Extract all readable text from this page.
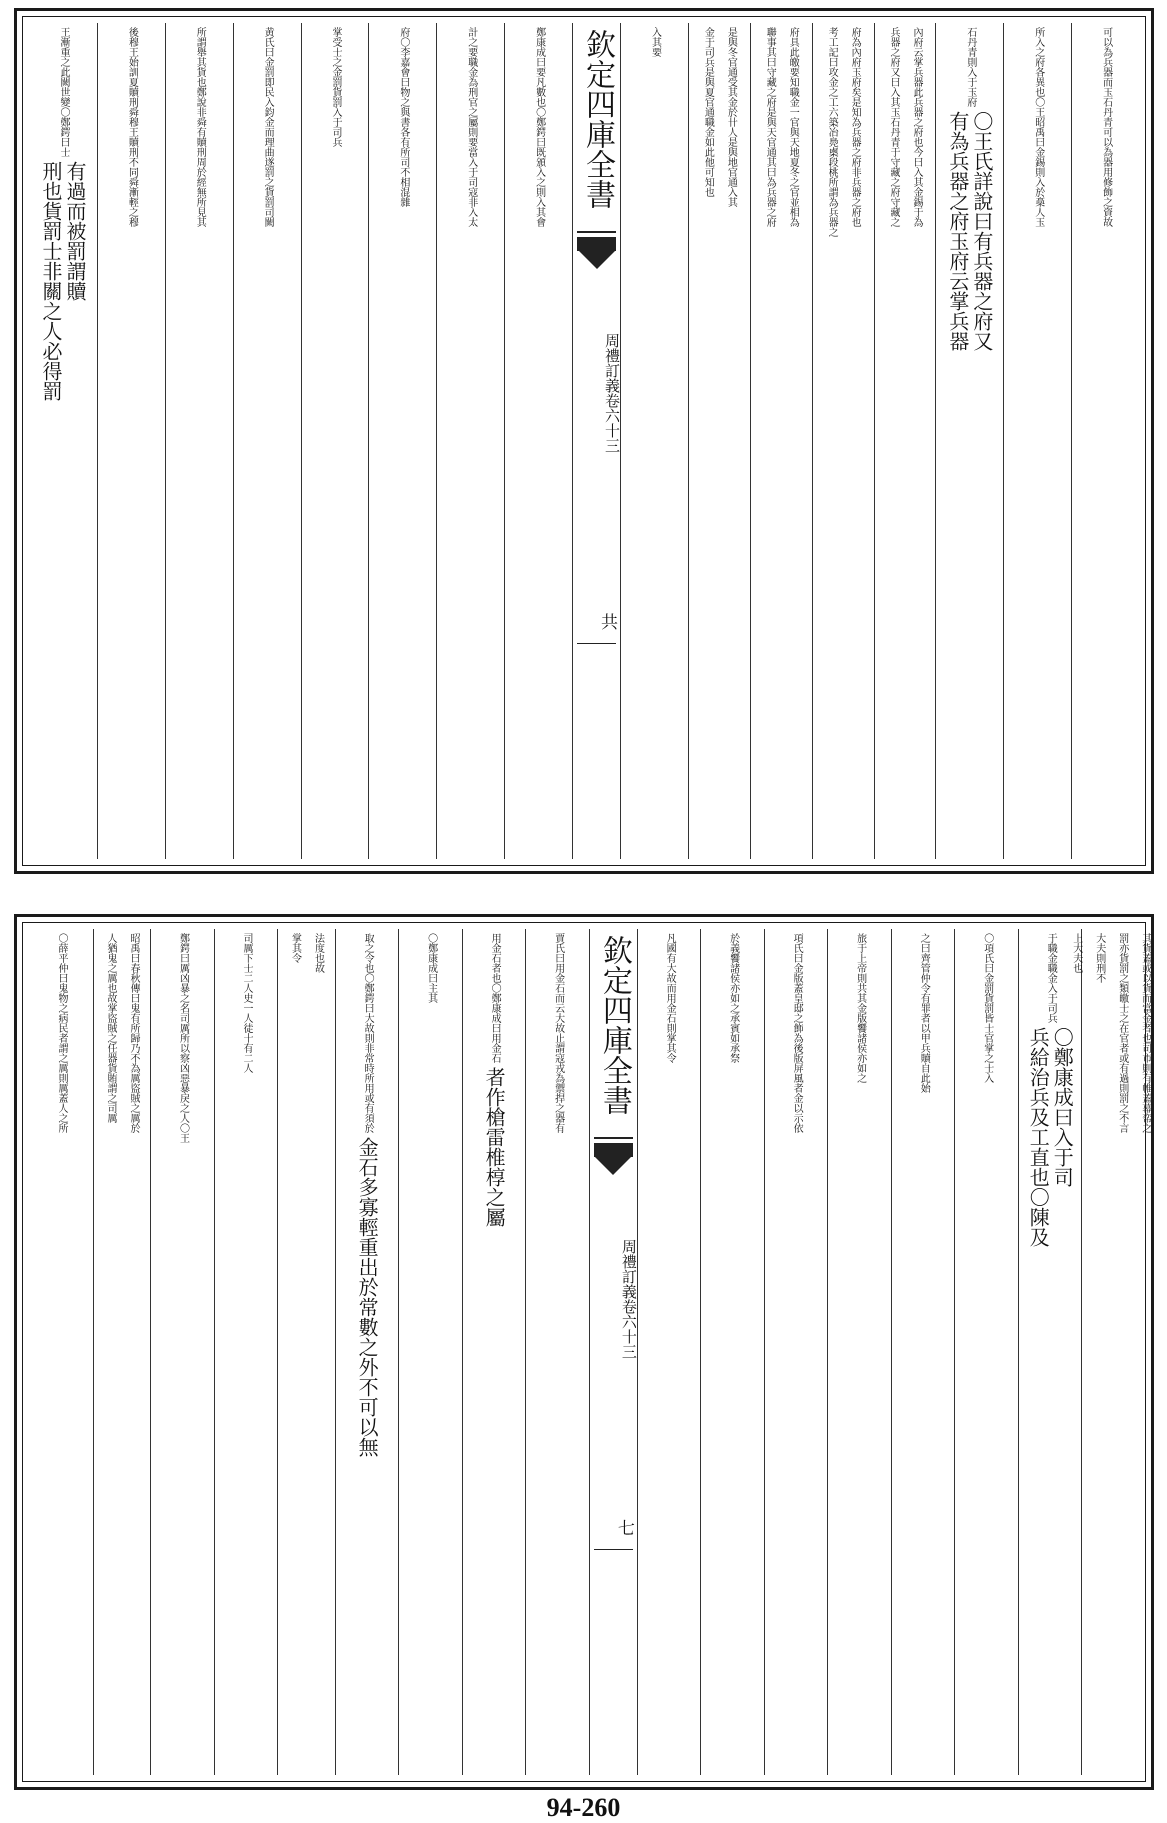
可以為兵器而玉石丹青可以為器用修飾之資故
所入之府各異也〇王昭禹曰金錫則入於槀人玉
石丹青則入于玉府
有為兵器之府玉府云掌兵器 〇王氏詳說曰有兵器之府又
內府云掌兵器此兵器之府也今曰入其金錫于為
兵器之府又曰入其玉石丹青于守藏之府守藏之
府為內府玉府矣是知為兵器之府非兵器之府也
考工記曰攻金之工六築冶鳧㮚段桃所謂為兵器之
府具此皦要知職金一官與天地夏冬之官並相為
聯事其曰守藏之府是與天官通其曰為兵器之府
是與冬官通受其金於卄人是與地官通入其
金于司兵是與夏官通職金如此他可知也
入其要
欽定四庫全書
周禮訂義
卷六十三
共
鄭康成曰要凡數也〇鄭鍔曰既頒入之則入其會
計之要職金為刑官之屬則要當入于司寇非入太
府〇李嘉會曰物之與書各有所司不相混雜
掌受士之金罰貨罰入于司兵
黄氏曰金罰即民入鈞金而理曲遂罰之貨罰司闕
所謂舉其貨也鄭說非舜有贖刑周於經無所見其
後穆王始訓夏贖刑舜穆王贖刑不同舜漸輕之穆
王漸重之此闕世變〇鄭鍔曰士
刑也貨罰士非關之人必得罰 有過而被罰謂贖
其貨蓋或以貨而當金者也司市則有帷蓋幕帟之
罰亦貨罰之類皦士之在官者或有過則罰之不言
大夫則刑不
上大夫也
于職金職金入于司兵
兵給治兵及工直也〇陳及 〇鄭康成曰入于司
〇項氏曰金罰貨罰皆士官掌之士入
之曰齊管仲令有罪者以甲兵贖自此始
旅于上帝則共其金版饗諸侯亦如之
項氏曰金版蓋皇邸之飾為後版屏風者金以示依
於義饗諸侯亦如之承賓如承祭
凡國有大故而用金石則掌其令
欽定四庫全書
周禮訂義
卷六十三
七
賈氏曰用金石而云大故止謂寇戎為禦捍之器有
用金石者也〇鄭康成曰用金石
者作槍雷椎椁之屬
〇鄭康成曰主其
取之令也〇鄭鍔曰大故則非常時所用或有須於
金石多寡輕重出於常數之外不可以無
法度也故
掌其令
司厲下士二人史一人徒十有二人
鄭鍔曰厲凶暴之名司厲所以察凶惡暴戾之人〇王
昭禹曰春秋傳曰鬼有所歸乃不為厲盜賊之厲於
人猶鬼之厲也故掌盜賊之任器貨賄謂之司厲
〇薛平仲曰鬼物之病民者謂之厲則厲蓋人之所
94-260
